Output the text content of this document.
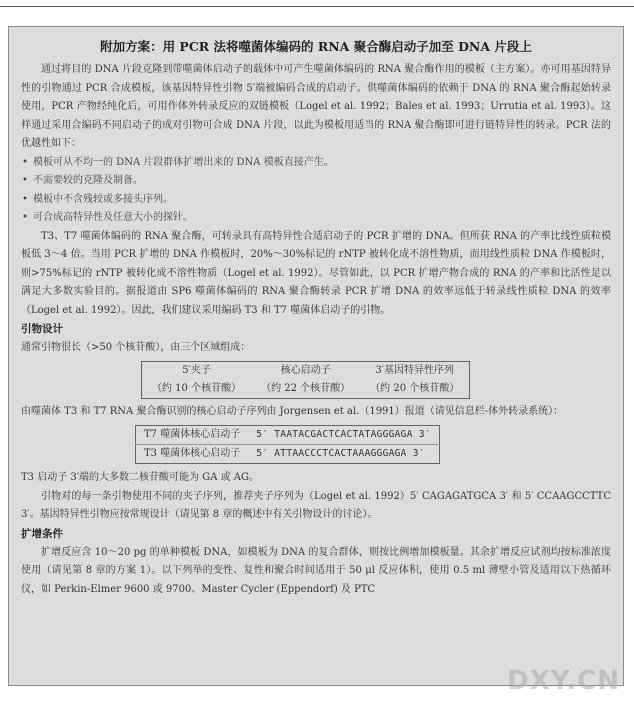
附加方案：用 PCR 法将噬菌体编码的 RNA 聚合酶启动子加至 DNA 片段上

通过将目的 DNA 片段克隆到带噬菌体启动子的载体中可产生噬菌体编码的 RNA 聚合酶作用的模板（主方案）。亦可用基因特异性的引物通过 PCR 合成模板，该基因特异性引物 5′端被编码合成的启动子。供噬菌体编码的依赖于 DNA 的 RNA 聚合酶起始转录使用，PCR 产物经纯化后，可用作体外转录反应的双链模板（Logel et al. 1992；Bales et al. 1993；Urrutia et al. 1993）。这样通过采用合编码不同启动子的成对引物可合成 DNA 片段，以此为模板用适当的 RNA 聚合酶即可进行链特异性的转录。PCR 法的优越性如下：

• 模板可从不均一的 DNA 片段群体扩增出来的 DNA 模板直接产生。
• 不需要较的克隆及制备。
• 模板中不含残较或多接头序列。
• 可合成高特异性及任意大小的探针。

T3、T7 噬菌体编码的 RNA 聚合酶，可转录具有高特异性合适启动子的 PCR 扩增的 DNA。但所获 RNA 的产率比线性质粒模板低 3～4 倍。当用 PCR 扩增的 DNA 作模板时，20%～30%标记的 rNTP 被转化成不溶性物质，而用线性质粒 DNA 作模板时，则>75%标记的 rNTP 被转化成不溶性物质（Logel et al. 1992）。尽管如此，以 PCR 扩增产物合成的 RNA 的产率和比活性足以满足大多数实验目的。据报道由 SP6 噬菌体编码的 RNA 聚合酶转录 PCR 扩增 DNA 的效率远低于转录线性质粒 DNA 的效率（Logel et al. 1992）。因此，我们建议采用编码 T3 和 T7 噬菌体启动子的引物。

引物设计
通常引物很长（>50 个核苷酸），由三个区域组成：
5′夹子	核心启动子	3′基因特异性序列
（约 10 个核苷酸）	（约 22 个核苷酸）	（约 20 个核苷酸）
由噬菌体 T3 和 T7 RNA 聚合酶识别的核心启动子序列由 Jorgensen et al.（1991）报道（请见信息栏-体外转录系统）：
T7 噬菌体核心启动子	5′ TAATACGACTCACTATAGGGAGA 3′
T3 噬菌体核心启动子	5′ ATTAACCCTCACTAAAGGGAGA 3′

T3 启动子 3′端的大多数二核苷酸可能为 GA 或 AG。

引物对的每一条引物使用不同的夹子序列，推荐夹子序列为（Logel et al. 1992）5′ CAGAGATGCA 3′ 和 5′ CCAAGCCTTC 3′。基因特异性引物应按常规设计（请见第 8 章的概述中有关引物设计的讨论）。

扩增条件

扩增反应含 10～20 pg 的单种模板 DNA，如模板为 DNA 的复合群体，则按比例增加模板量。其余扩增反应试剂均按标准浓度使用（请见第 8 章的方案 1）。以下列举的变性、复性和聚合时间适用于 50 μl 反应体积，使用 0.5 ml 薄壁小管及适用以下热循环仪，如 Perkin-Elmer 9600 或 9700、Master Cycler (Eppendorf) 及 PTC

DXY.CN
